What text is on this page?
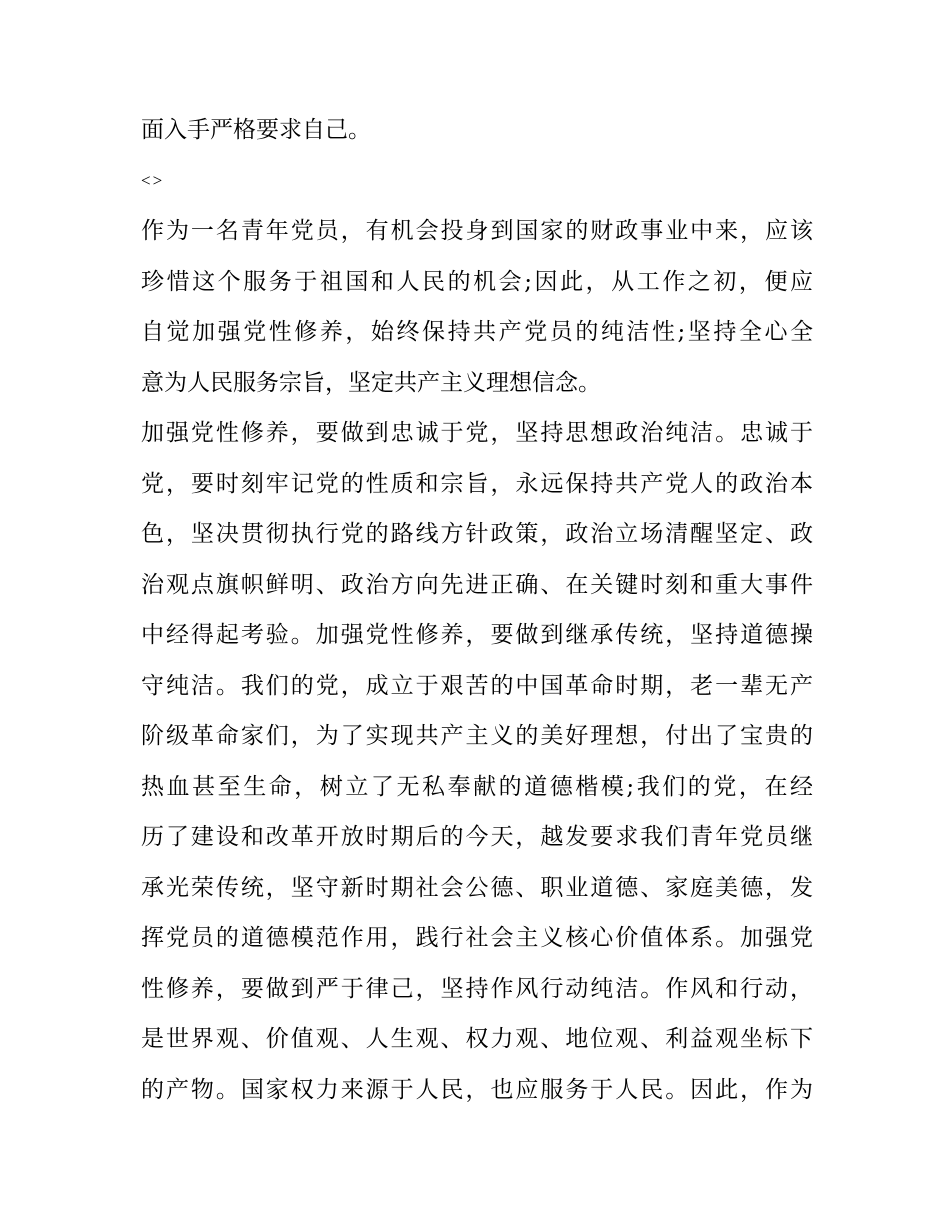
面入手严格要求自己。
<>
作为一名青年党员，有机会投身到国家的财政事业中来，应该
珍惜这个服务于祖国和人民的机会;因此，从工作之初，便应
自觉加强党性修养，始终保持共产党员的纯洁性;坚持全心全
意为人民服务宗旨，坚定共产主义理想信念。
加强党性修养，要做到忠诚于党，坚持思想政治纯洁。忠诚于
党，要时刻牢记党的性质和宗旨，永远保持共产党人的政治本
色，坚决贯彻执行党的路线方针政策，政治立场清醒坚定、政
治观点旗帜鲜明、政治方向先进正确、在关键时刻和重大事件
中经得起考验。加强党性修养，要做到继承传统，坚持道德操
守纯洁。我们的党，成立于艰苦的中国革命时期，老一辈无产
阶级革命家们，为了实现共产主义的美好理想，付出了宝贵的
热血甚至生命，树立了无私奉献的道德楷模;我们的党，在经
历了建设和改革开放时期后的今天，越发要求我们青年党员继
承光荣传统，坚守新时期社会公德、职业道德、家庭美德，发
挥党员的道德模范作用，践行社会主义核心价值体系。加强党
性修养，要做到严于律己，坚持作风行动纯洁。作风和行动，
是世界观、价值观、人生观、权力观、地位观、利益观坐标下
的产物。国家权力来源于人民，也应服务于人民。因此，作为
